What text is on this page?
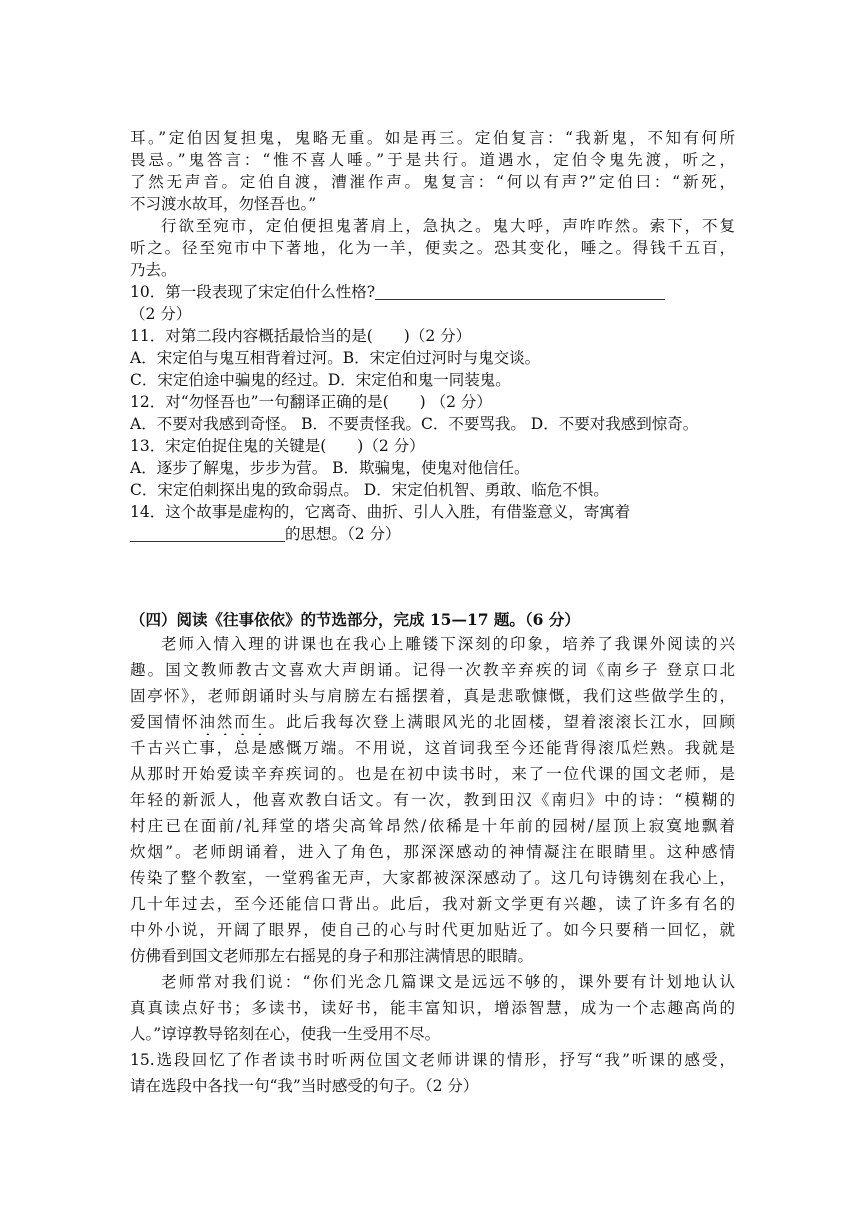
耳。”定伯因复担鬼，鬼略无重。如是再三。定伯复言：“我新鬼，不知有何所
畏忌。”鬼答言：“惟不喜人唾。”于是共行。道遇水，定伯令鬼先渡，听之，
了然无声音。定伯自渡，漕漼作声。鬼复言：“何以有声?”定伯曰：“新死，
不习渡水故耳，勿怪吾也。”
行欲至宛市，定伯便担鬼著肩上，急执之。鬼大呼，声咋咋然。索下，不复
听之。径至宛市中下著地，化为一羊，便卖之。恐其变化，唾之。得钱千五百，
乃去。
10．第一段表现了宋定伯什么性格?
（2 分）
11．对第二段内容概括最恰当的是(　　)（2 分）
A．宋定伯与鬼互相背着过河。B．宋定伯过河时与鬼交谈。
C．宋定伯途中骗鬼的经过。D．宋定伯和鬼一同装鬼。
12．对“勿怪吾也”一句翻译正确的是(　　) （2 分）
A．不要对我感到奇怪。 B．不要责怪我。C．不要骂我。 D．不要对我感到惊奇。
13．宋定伯捉住鬼的关键是(　　)（2 分）
A．逐步了解鬼，步步为营。 B．欺骗鬼，使鬼对他信任。
C．宋定伯刺探出鬼的致命弱点。 D．宋定伯机智、勇敢、临危不惧。
14．这个故事是虚构的，它离奇、曲折、引人入胜，有借鉴意义，寄寓着
的思想。（2 分）
（四）阅读《往事依依》的节选部分，完成 15—17 题。（6 分）
老师入情入理的讲课也在我心上雕镂下深刻的印象，培养了我课外阅读的兴
趣。国文教师教古文喜欢大声朗诵。记得一次教辛弃疾的词《南乡子 登京口北
固亭怀》，老师朗诵时头与肩膀左右摇摆着，真是悲歌慷慨，我们这些做学生的，
爱国情怀油然而生。此后我每次登上满眼风光的北固楼，望着滚滚长江水，回顾
千古兴亡事，总是感慨万端。不用说，这首词我至今还能背得滚瓜烂熟。我就是
从那时开始爱读辛弃疾词的。也是在初中读书时，来了一位代课的国文老师，是
年轻的新派人，他喜欢教白话文。有一次，教到田汉《南归》中的诗：“模糊的
村庄已在面前/礼拜堂的塔尖高耸昂然/依稀是十年前的园树/屋顶上寂寞地飘着
炊烟”。老师朗诵着，进入了角色，那深深感动的神情凝注在眼睛里。这种感情
传染了整个教室，一堂鸦雀无声，大家都被深深感动了。这几句诗镌刻在我心上，
几十年过去，至今还能信口背出。此后，我对新文学更有兴趣，读了许多有名的
中外小说，开阔了眼界，使自己的心与时代更加贴近了。如今只要稍一回忆，就
仿佛看到国文老师那左右摇晃的身子和那注满情思的眼睛。
老师常对我们说：“你们光念几篇课文是远远不够的，课外要有计划地认认
真真读点好书；多读书，读好书，能丰富知识，增添智慧，成为一个志趣高尚的
人。”谆谆教导铭刻在心，使我一生受用不尽。
15.选段回忆了作者读书时听两位国文老师讲课的情形，抒写“我”听课的感受，
请在选段中各找一句“我”当时感受的句子。（2 分）
